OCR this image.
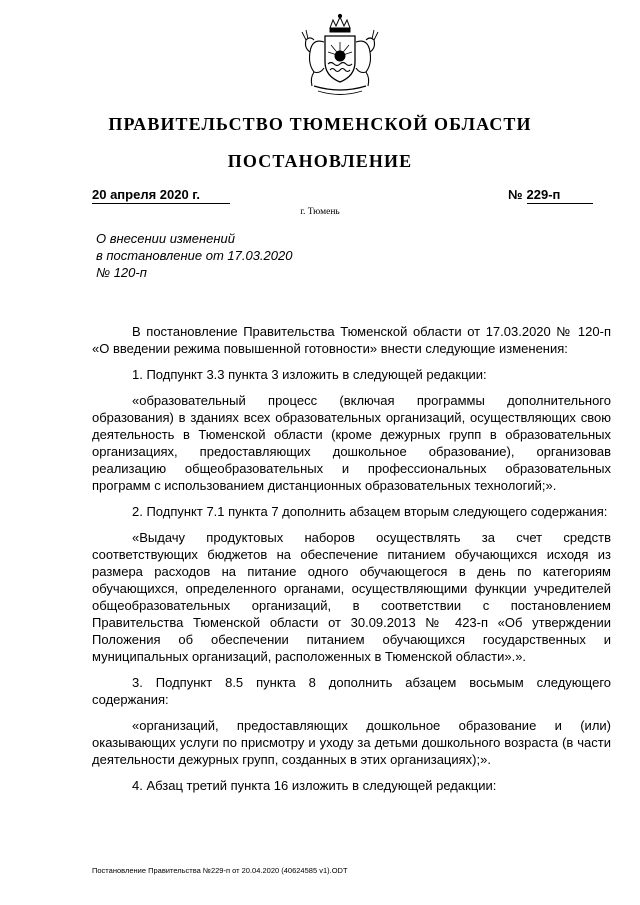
ПРАВИТЕЛЬСТВО ТЮМЕНСКОЙ ОБЛАСТИ
ПОСТАНОВЛЕНИЕ
20 апреля 2020 г.	№ 229-п
г. Тюмень
О внесении изменений
в постановление от 17.03.2020
№ 120-п

В постановление Правительства Тюменской области от 17.03.2020 № 120-п «О введении режима повышенной готовности» внести следующие изменения:

1. Подпункт 3.3 пункта 3 изложить в следующей редакции:

«образовательный процесс (включая программы дополнительного образования) в зданиях всех образовательных организаций, осуществляющих свою деятельность в Тюменской области (кроме дежурных групп в образовательных организациях, предоставляющих дошкольное образование), организовав реализацию общеобразовательных и профессиональных образовательных программ с использованием дистанционных образовательных технологий;».

2. Подпункт 7.1 пункта 7 дополнить абзацем вторым следующего содержания:

«Выдачу продуктовых наборов осуществлять за счет средств соответствующих бюджетов на обеспечение питанием обучающихся исходя из размера расходов на питание одного обучающегося в день по категориям обучающихся, определенного органами, осуществляющими функции учредителей общеобразовательных организаций, в соответствии с постановлением Правительства Тюменской области от 30.09.2013 № 423-п «Об утверждении Положения об обеспечении питанием обучающихся государственных и муниципальных организаций, расположенных в Тюменской области».».

3. Подпункт 8.5 пункта 8 дополнить абзацем восьмым следующего содержания:

«организаций, предоставляющих дошкольное образование и (или) оказывающих услуги по присмотру и уходу за детьми дошкольного возраста (в части деятельности дежурных групп, созданных в этих организациях);».

4. Абзац третий пункта 16 изложить в следующей редакции:

Постановление Правительства №229-п от 20.04.2020 (40624585 v1).ODT
